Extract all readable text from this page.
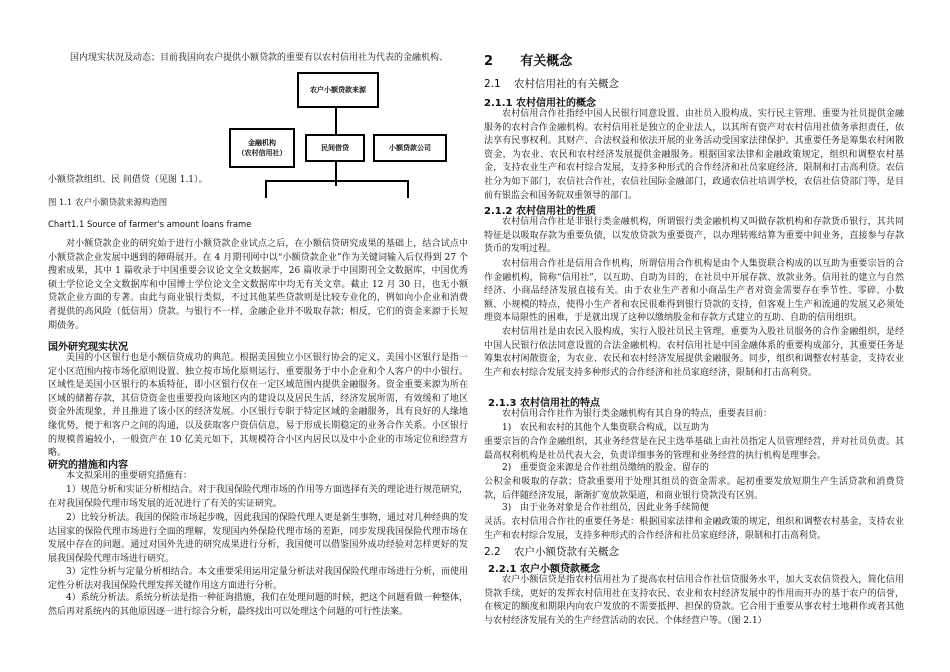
国内现实状况及动态；目前我国向农户提供小额贷款的重要有以农村信用社为代表的金融机构、
农户小额贷款来源
金融机构
（农村信用社）
民间借贷	小额贷款公司
小额贷款组织、民 间借贷（见图 1.1）。
图 1.1 农户小额贷款来源构造图
Chart1.1 Source of farmer's amount loans frame
对小额贷款企业的研究始于进行小额贷款企业试点之后，在小额信贷研究成果的基础上，结合试点中小额贷款企业发展中遇到的障碍展开。在 4 月期刊网中以“小额贷款企业”作为关键词输入后仅得到 27 个搜索成果，其中 1 篇收录于中国重要会议论文全文数据库，26 篇收录于中国期刊全文数据库，中国优秀硕士学位论文全文数据库和中国博士学位论文全文数据库中均无有关文章。截止 12 月 30 日，也无小额贷款企业方面的专著。由此与商业银行类似，不过其他某些贷款则是比较专业化的，例如向小企业和消费者提供的高风险（低信用）贷款。与银行不一样，金融企业并不吸取存款；相反，它们的资金来源于长短期债务。
国外研究现实状况
美国的小区银行也是小额信贷成功的典范。根据美国独立小区银行协会的定义，美国小区银行是指一定小区范围内按市场化原则设置、独立按市场化原则运行、重要服务于中小企业和个人客户的中小银行。区域性是美国小区银行的本质特征，即小区银行仅在一定区域范围内提供金融服务。资金重要来源为所在区域的储蓄存款，其信贷资金也重要投向该地区内的建设以及居民生活，经济发展所需，有效缓和了地区资金外流现象，并且推进了该小区的经济发展。小区银行专职于特定区域的金融服务，具有良好的人缘地缘优势，便于和客户之间的沟通，以及获取客户资信信息，易于形成长期稳定的业务合作关系。小区银行的规模普遍较小，一般资产在 10 亿美元如下，其规模符合小区内居民以及中小企业的市场定位和经营方略。
研究的措施和内容
本文拟采用的重要研究措施有：
1）规范分析和实证分析相结合。对于我国保险代理市场的作用等方面选择有关的理论进行规范研究，在对我国保险代理市场发展的近况进行了有关的实证研究。
2）比较分析法。我国的保险市场起步晚，因此我国的保险代理人更是新生事物，通过对几种经典的发达国家的保险代理市场进行全面的理解，发现国内外保险代理市场的差距，同步发现我国保险代理市场在发展中存在的问题。通过对国外先进的研究成果进行分析，我国便可以借鉴国外成功经验对怎样更好的发展我国保险代理市场进行研究。
3）定性分析与定量分析相结合。本文重要采用运用定量分析法对我国保险代理市场进行分析，而使用定性分析法对我国保险代理发挥关键作用这方面进行分析。
4）系统分析法。系统分析法是指一种征询措施，我们在处理问题的时候，把这个问题看做一种整体，然后再对系统内的其他原因逐一进行综合分析，最终找出可以处理这个问题的可行性法案。
2      有关概念
2.1    农村信用社的有关概念
2.1.1 农村信用社的概念
农村信用合作社指经中国人民银行同意设置、由社员入股构成、实行民主管理、重要为社员提供金融服务的农村合作金融机构。农村信用社是独立的企业法人，以其所有资产对农村信用社债务承担责任，依法享有民事权利。其财产、合法权益和依法开展的业务活动受国家法律保护。其重要任务是筹集农村闲散资金，为农业、农民和农村经济发展提供金融服务。根据国家法律和金融政策规定，组织和调整农村基金，支持农业生产和农村综合发展，支持多种形式的合作经济和社员家庭经济，限制和打击高利贷。农信社分为如下部门，农信社合作社，农信社国际金融部门，政通农信社培训学校，农信社信贷部门等，是目前有银监会和国务院双重领导的部门。
2.1.2 农村信用社的性质
农村信用合作社是非银行类金融机构，所谓银行类金融机构又叫做存款机构和存款货币银行，其共同特征是以吸取存款为重要负债，以发放贷款为重要资产，以办理转账结算为重要中间业务，直接参与存款货币的发明过程。
农村信用合作社是信用合作机构，所谓信用合作机构是由个人集资联合构成的以互助为重要宗旨的合作金融机构，简称“信用社”，以互助、自助为目的，在社员中开展存款、放款业务。信用社的建立与自然经济、小商品经济发展直接有关。由于农业生产者和小商品生产者对资金需要存在季节性、零碎、小数额、小规模的特点，使得小生产者和农民很难得到银行贷款的支持，但客观上生产和流通的发展又必须处理资本局限性的困难，于是就出现了这种以缴纳股金和存款方式建立的互助、自助的信用组织。
农村信用社是由农民入股构成，实行入股社员民主管理，重要为入股社员服务的合作金融组织，是经中国人民银行依法同意设置的合法金融机构。农村信用社是中国金融体系的重要构成部分，其重要任务是筹集农村闲散资金，为农业、农民和农村经济发展提供金融服务。同步，组织和调整农村基金，支持农业生产和农村综合发展支持多种形式的合作经济和社员家庭经济，限制和打击高利贷。
2.1.3 农村信用社的特点
农村信用合作社作为银行类金融机构有其自身的特点，重要表目前：
1)   农民和农村的其他个人集资联合构成，以互助为
重要宗旨的合作金融组织，其业务经营是在民主选举基础上由社员指定人员管理经营，并对社员负责。其最高权利机构是社员代表大会，负责详细事务的管理和业务经营的执行机构是理事会。
2)   重要资金来源是合作社组员缴纳的股金、留存的
公积金和吸取的存款；贷款重要用于处理其组员的资金需求。起初重要发放短期生产生活贷款和消费贷款，后伴随经济发展，渐渐扩宽放款渠道，和商业银行贷款没有区别。
3)   由于业务对象是合作社组员，因此业务手续简便
灵活。农村信用合作社的重要任务是：根据国家法律和金融政策的规定，组织和调整农村基金，支持农业生产和农村综合发展，支持多种形式的合作经济和社员家庭经济，限制和打击高利贷。
2.2    农户小额贷款有关概念
2.2.1 农户小额贷款概念
农户小额信贷是指农村信用社为了提高农村信用合作社信贷服务水平，加大支农信贷投入，简化信用贷款手续，更好的发挥农村信用社在支持农民、农业和农村经济发展中的作用而开办的基于农户的信誉，在核定的额度和期限内向农户发放的不需要抵押、担保的贷款。它合用于重要从事农村土地耕作或者其他与农村经济发展有关的生产经营活动的农民、个体经营户等。（图 2.1）
